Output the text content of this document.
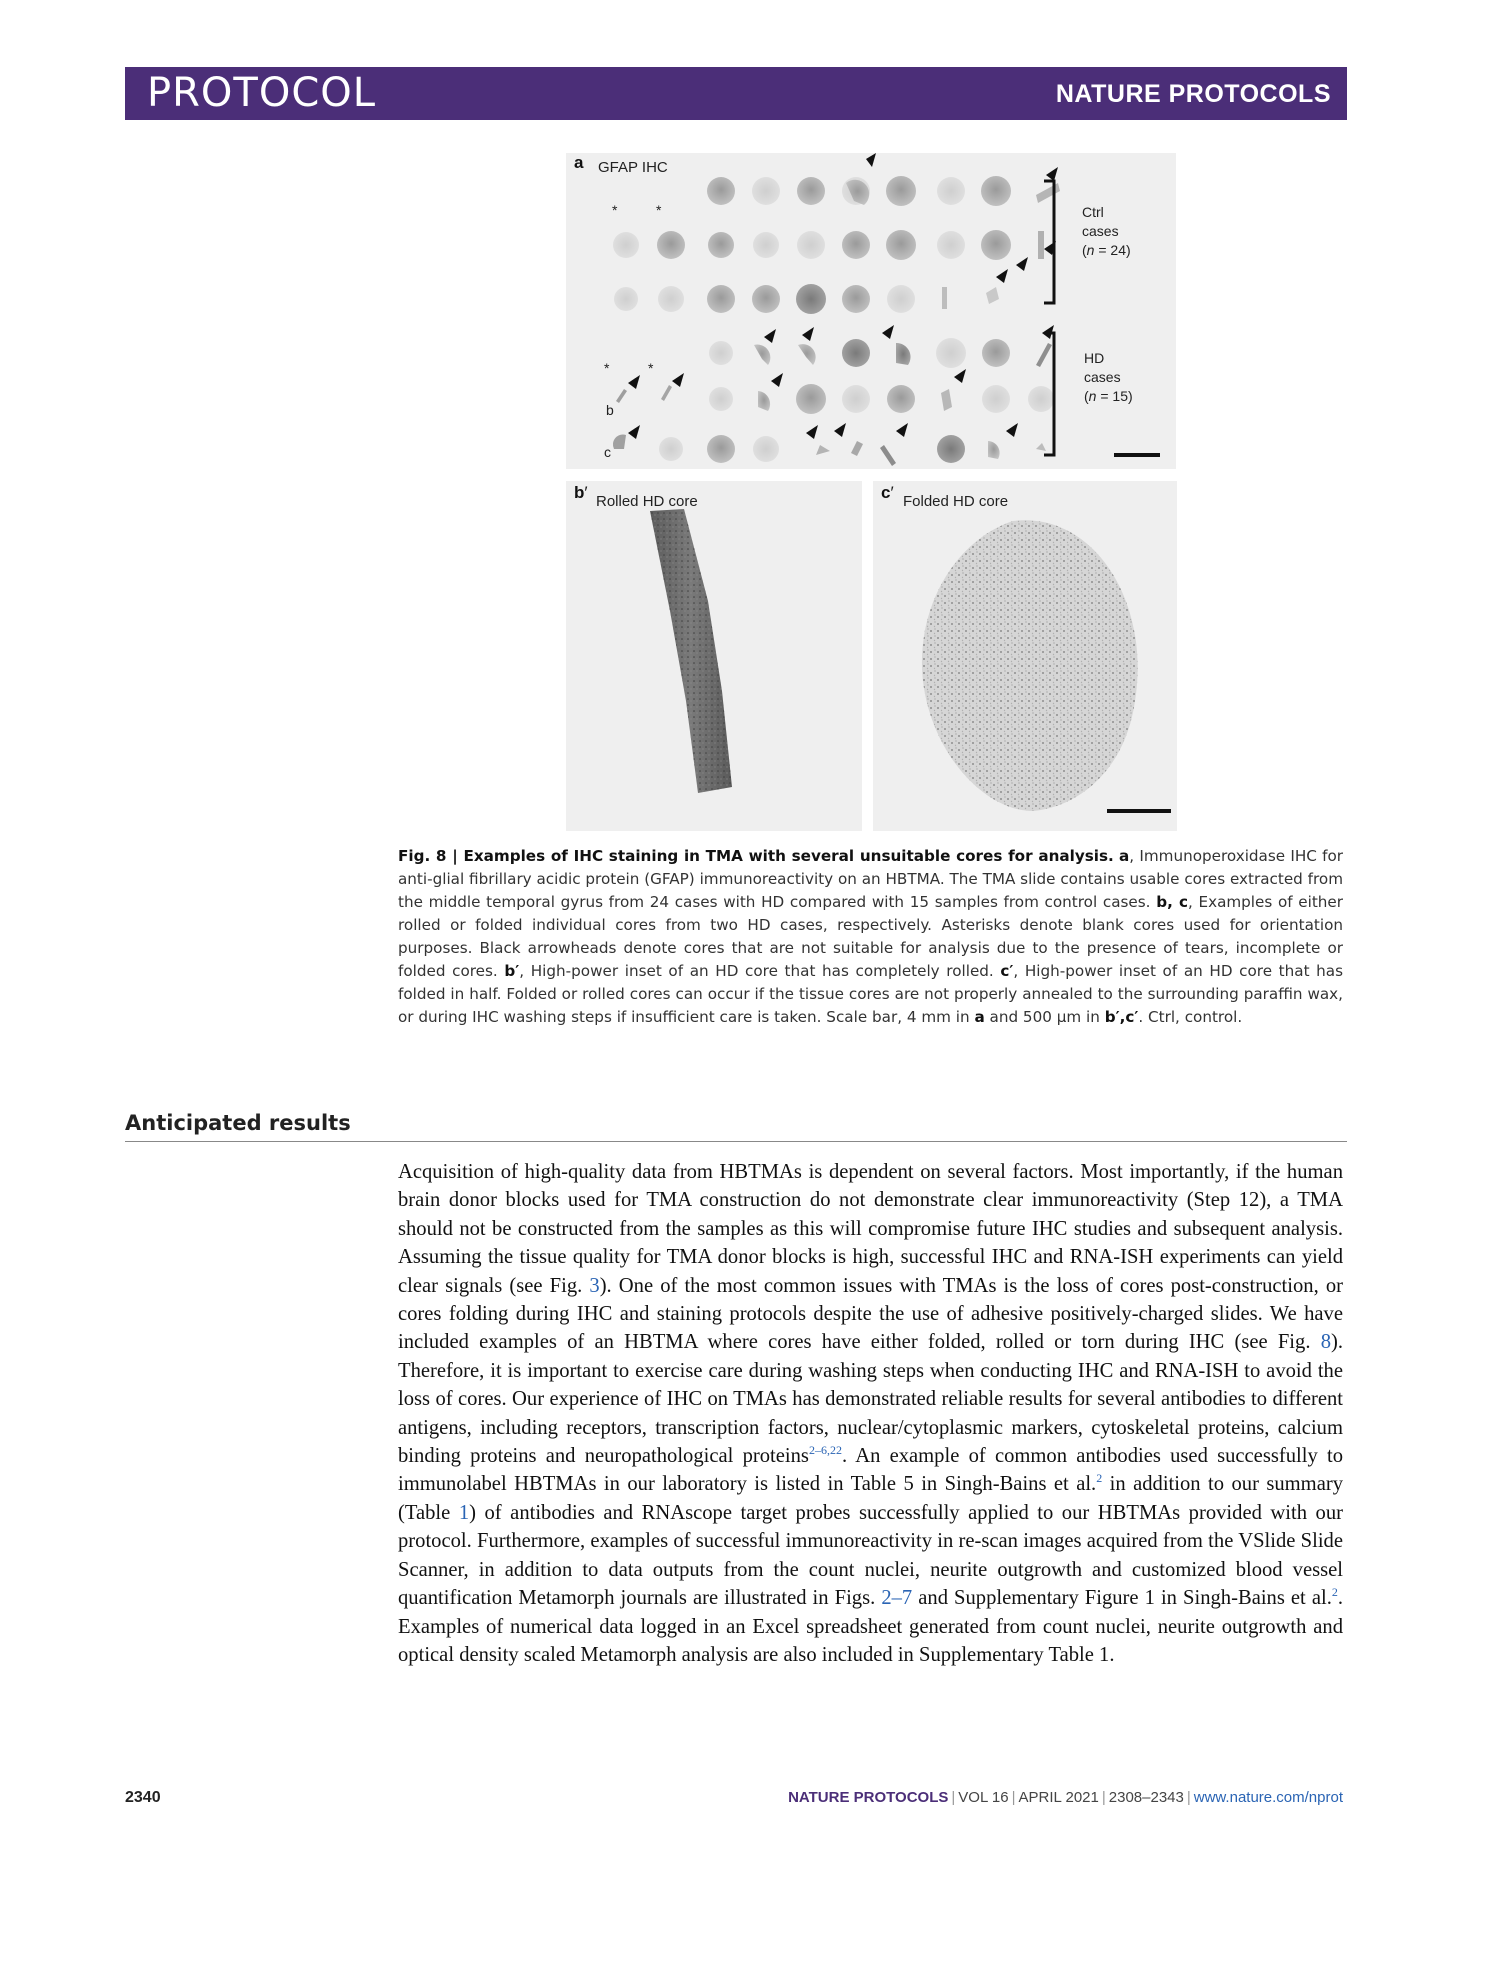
PROTOCOL	NATURE PROTOCOLS
a GFAP IHC
*	*
*	*
b
c
Ctrl
cases
(n = 24)
HD
cases
(n = 15)
b′ Rolled HD core	c′ Folded HD core
Fig. 8 | Examples of IHC staining in TMA with several unsuitable cores for analysis. a, Immunoperoxidase IHC for anti-glial fibrillary acidic protein (GFAP) immunoreactivity on an HBTMA. The TMA slide contains usable cores extracted from the middle temporal gyrus from 24 cases with HD compared with 15 samples from control cases. b, c, Examples of either rolled or folded individual cores from two HD cases, respectively. Asterisks denote blank cores used for orientation purposes. Black arrowheads denote cores that are not suitable for analysis due to the presence of tears, incomplete or folded cores. b′, High-power inset of an HD core that has completely rolled. c′, High-power inset of an HD core that has folded in half. Folded or rolled cores can occur if the tissue cores are not properly annealed to the surrounding paraffin wax, or during IHC washing steps if insufficient care is taken. Scale bar, 4 mm in a and 500 μm in b′,c′. Ctrl, control.
Anticipated results
Acquisition of high-quality data from HBTMAs is dependent on several factors. Most importantly, if the human brain donor blocks used for TMA construction do not demonstrate clear immunoreactivity (Step 12), a TMA should not be constructed from the samples as this will compromise future IHC studies and subsequent analysis. Assuming the tissue quality for TMA donor blocks is high, successful IHC and RNA-ISH experiments can yield clear signals (see Fig. 3). One of the most common issues with TMAs is the loss of cores post-construction, or cores folding during IHC and staining protocols despite the use of adhesive positively-charged slides. We have included examples of an HBTMA where cores have either folded, rolled or torn during IHC (see Fig. 8). Therefore, it is important to exercise care during washing steps when conducting IHC and RNA-ISH to avoid the loss of cores. Our experience of IHC on TMAs has demonstrated reliable results for several antibodies to different antigens, including receptors, transcription factors, nuclear/cytoplasmic markers, cytoskeletal proteins, calcium binding proteins and neuropathological proteins$^{2-6,22}$. An example of common antibodies used successfully to immunolabel HBTMAs in our laboratory is listed in Table 5 in Singh-Bains et al.$^2$ in addition to our summary (Table 1) of antibodies and RNAscope target probes successfully applied to our HBTMAs provided with our protocol. Furthermore, examples of successful immunoreactivity in re-scan images acquired from the VSlide Slide Scanner, in addition to data outputs from the count nuclei, neurite outgrowth and customized blood vessel quantification Metamorph journals are illustrated in Figs. 2–7 and Supplementary Figure 1 in Singh-Bains et al.$^2$. Examples of numerical data logged in an Excel spreadsheet generated from count nuclei, neurite outgrowth and optical density scaled Metamorph analysis are also included in Supplementary Table 1.
2340	NATURE PROTOCOLS | VOL 16 | APRIL 2021 | 2308–2343 | www.nature.com/nprot
